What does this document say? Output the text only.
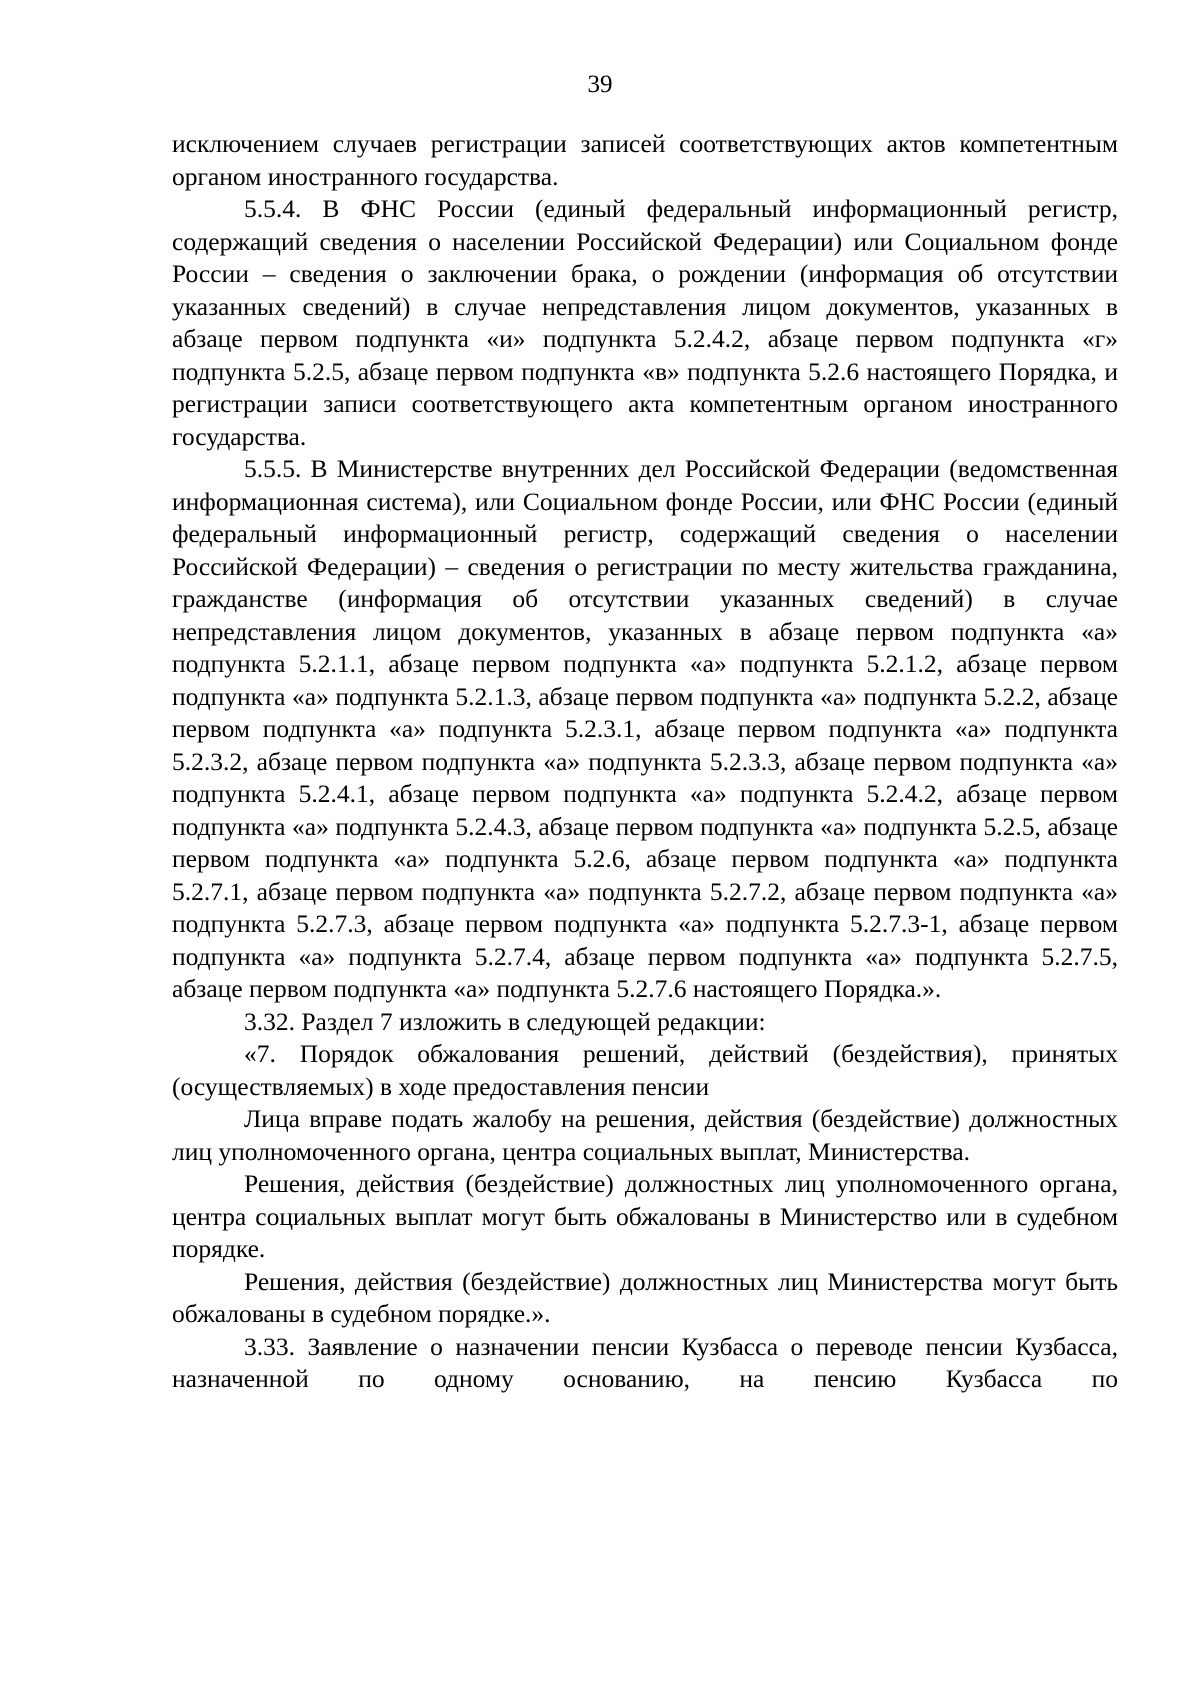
39

исключением случаев регистрации записей соответствующих актов компетентным органом иностранного государства.

5.5.4. В ФНС России (единый федеральный информационный регистр, содержащий сведения о населении Российской Федерации) или Социальном фонде России – сведения о заключении брака, о рождении (информация об отсутствии указанных сведений) в случае непредставления лицом документов, указанных в абзаце первом подпункта «и» подпункта 5.2.4.2, абзаце первом подпункта «г» подпункта 5.2.5, абзаце первом подпункта «в» подпункта 5.2.6 настоящего Порядка, и регистрации записи соответствующего акта компетентным органом иностранного государства.

5.5.5. В Министерстве внутренних дел Российской Федерации (ведомственная информационная система), или Социальном фонде России, или ФНС России (единый федеральный информационный регистр, содержащий сведения о населении Российской Федерации) – сведения о регистрации по месту жительства гражданина, гражданстве (информация об отсутствии указанных сведений) в случае непредставления лицом документов, указанных в абзаце первом подпункта «а» подпункта 5.2.1.1, абзаце первом подпункта «а» подпункта 5.2.1.2, абзаце первом подпункта «а» подпункта 5.2.1.3, абзаце первом подпункта «а» подпункта 5.2.2, абзаце первом подпункта «а» подпункта 5.2.3.1, абзаце первом подпункта «а» подпункта 5.2.3.2, абзаце первом подпункта «а» подпункта 5.2.3.3, абзаце первом подпункта «а» подпункта 5.2.4.1, абзаце первом подпункта «а» подпункта 5.2.4.2, абзаце первом подпункта «а» подпункта 5.2.4.3, абзаце первом подпункта «а» подпункта 5.2.5, абзаце первом подпункта «а» подпункта 5.2.6, абзаце первом подпункта «а» подпункта 5.2.7.1, абзаце первом подпункта «а» подпункта 5.2.7.2, абзаце первом подпункта «а» подпункта 5.2.7.3, абзаце первом подпункта «а» подпункта 5.2.7.3-1, абзаце первом подпункта «а» подпункта 5.2.7.4, абзаце первом подпункта «а» подпункта 5.2.7.5, абзаце первом подпункта «а» подпункта 5.2.7.6 настоящего Порядка.».

3.32. Раздел 7 изложить в следующей редакции:

«7. Порядок обжалования решений, действий (бездействия), принятых (осуществляемых) в ходе предоставления пенсии

Лица вправе подать жалобу на решения, действия (бездействие) должностных лиц уполномоченного органа, центра социальных выплат, Министерства.

Решения, действия (бездействие) должностных лиц уполномоченного органа, центра социальных выплат могут быть обжалованы в Министерство или в судебном порядке.

Решения, действия (бездействие) должностных лиц Министерства могут быть обжалованы в судебном порядке.».

3.33. Заявление о назначении пенсии Кузбасса о переводе пенсии Кузбасса, назначенной по одному основанию, на пенсию Кузбасса по
